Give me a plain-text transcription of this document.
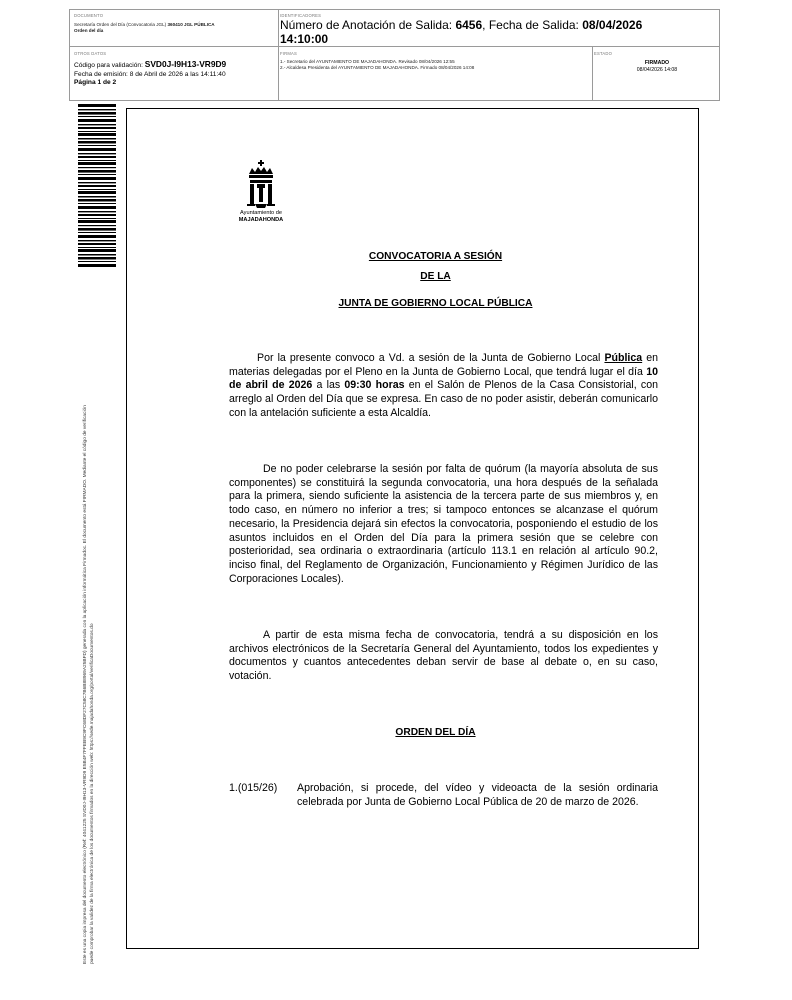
DOCUMENTO
Secretaría Orden del Día (Convocatoria JGL) 360410 JGL PÚBLICA
Orden del día
IDENTIFICADORES
Número de Anotación de Salida: 6456, Fecha de Salida: 08/04/2026
14:10:00
OTROS DATOS
Código para validación: SVD0J-I9H13-VR9D9
Fecha de emisión: 8 de Abril de 2026 a las 14:11:40
Página 1 de 2
FIRMAS
1.- Secretario del AYUNTAMIENTO DE MAJADAHONDA. Revisado 08/04/2026 12:55
2.- Alcaldesa Presidenta del AYUNTAMIENTO DE MAJADAHONDA. Firmado 08/04/2026 14:08
ESTADO
FIRMADO
08/04/2026 14:08
Este es una copia impresa del documento electrónico (Ref: 4041225 SVD0J-I9H13-VR9D9 E5B4F7FFEB9C9FC68DF27C58C7B6B88969A25BFD) generada con la aplicación informática Firmadoc. El documento está FIRMADO. Mediante el código de verificación puede comprobar la validez de la firma electrónica de los documentos firmados en la dirección web: https://sede.majadahonda.org/portal/verificaDocumentos.do
Ayuntamiento de
MAJADAHONDA
CONVOCATORIA A SESIÓN
DE LA
JUNTA DE GOBIERNO LOCAL PÚBLICA
Por la presente convoco a Vd. a sesión de la Junta de Gobierno Local Pública en materias delegadas por el Pleno en la Junta de Gobierno Local, que tendrá lugar el día 10 de abril de 2026 a las 09:30 horas en el Salón de Plenos de la Casa Consistorial, con arreglo al Orden del Día que se expresa. En caso de no poder asistir, deberán comunicarlo con la antelación suficiente a esta Alcaldía.
De no poder celebrarse la sesión por falta de quórum (la mayoría absoluta de sus componentes) se constituirá la segunda convocatoria, una hora después de la señalada para la primera, siendo suficiente la asistencia de la tercera parte de sus miembros y, en todo caso, en número no inferior a tres; si tampoco entonces se alcanzase el quórum necesario, la Presidencia dejará sin efectos la convocatoria, posponiendo el estudio de los asuntos incluidos en el Orden del Día para la primera sesión que se celebre con posterioridad, sea ordinaria o extraordinaria (artículo 113.1 en relación al artículo 90.2, inciso final, del Reglamento de Organización, Funcionamiento y Régimen Jurídico de las Corporaciones Locales).
A partir de esta misma fecha de convocatoria, tendrá a su disposición en los archivos electrónicos de la Secretaría General del Ayuntamiento, todos los expedientes y documentos y cuantos antecedentes deban servir de base al debate o, en su caso, votación.
ORDEN DEL DÍA
1.(015/26) Aprobación, si procede, del vídeo y videoacta de la sesión ordinaria celebrada por Junta de Gobierno Local Pública de 20 de marzo de 2026.
